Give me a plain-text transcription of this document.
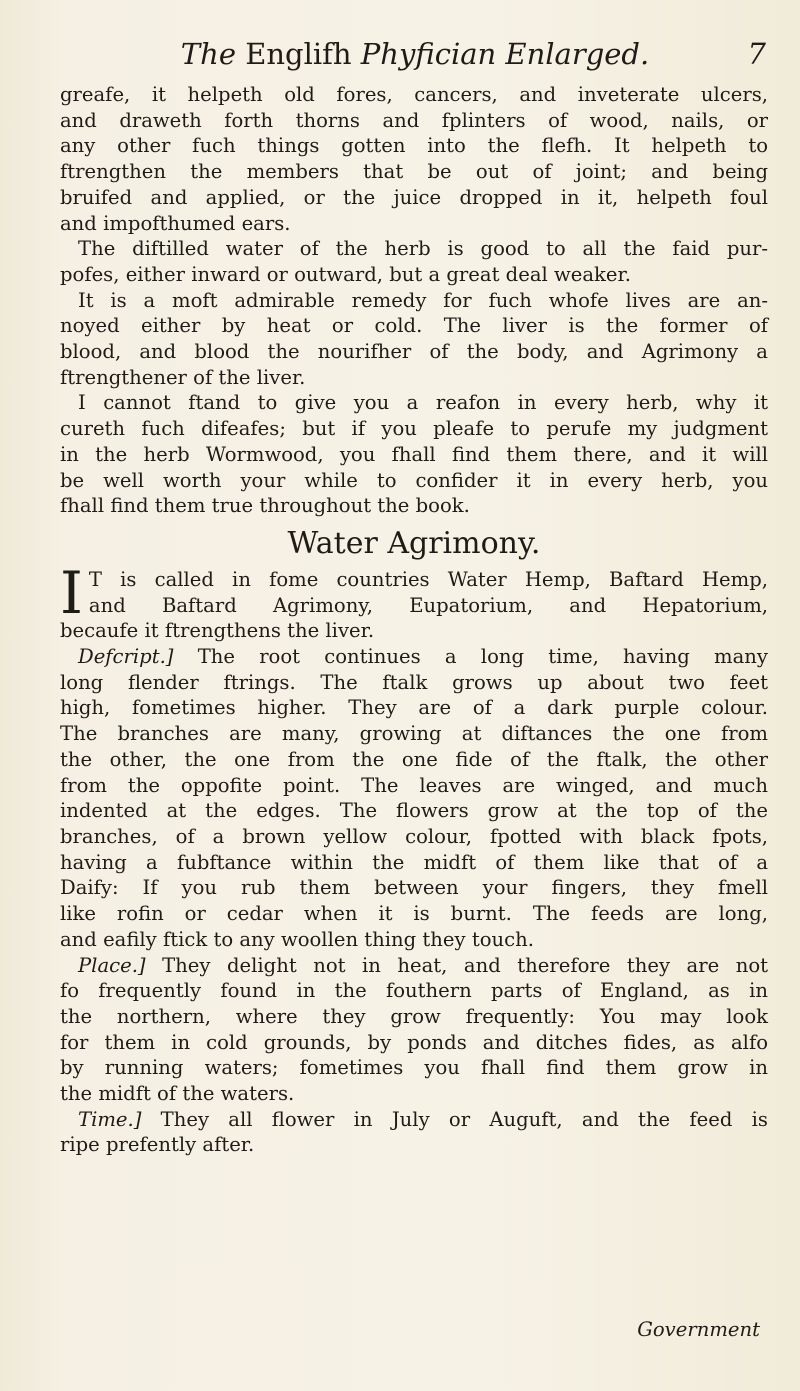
The Englifh Phyfician Enlarged.	7

greafe, it helpeth old fores, cancers, and inveterate ulcers,
and draweth forth thorns and fplinters of wood, nails, or
any other fuch things gotten into the flefh. It helpeth to
ftrengthen the members that be out of joint; and being
bruifed and applied, or the juice dropped in it, helpeth foul
and impofthumed ears.

The diftilled water of the herb is good to all the faid pur-
pofes, either inward or outward, but a great deal weaker.

It is a moft admirable remedy for fuch whofe lives are an-
noyed either by heat or cold. The liver is the former of
blood, and blood the nourifher of the body, and Agrimony a
ftrengthener of the liver.

I cannot ftand to give you a reafon in every herb, why it
cureth fuch difeafes; but if you pleafe to perufe my judgment
in the herb Wormwood, you fhall find them there, and it will
be well worth your while to confider it in every herb, you
fhall find them true throughout the book.

Water Agrimony.

I T is called in fome countries Water Hemp, Baftard Hemp,
and Baftard Agrimony, Eupatorium, and Hepatorium,
becaufe it ftrengthens the liver.

Defcript.] The root continues a long time, having many
long flender ftrings. The ftalk grows up about two feet
high, fometimes higher. They are of a dark purple colour.
The branches are many, growing at diftances the one from
the other, the one from the one fide of the ftalk, the other
from the oppofite point. The leaves are winged, and much
indented at the edges. The flowers grow at the top of the
branches, of a brown yellow colour, fpotted with black fpots,
having a fubftance within the midft of them like that of a
Daify: If you rub them between your fingers, they fmell
like rofin or cedar when it is burnt. The feeds are long,
and eafily ftick to any woollen thing they touch.

Place.] They delight not in heat, and therefore they are not
fo frequently found in the fouthern parts of England, as in
the northern, where they grow frequently: You may look
for them in cold grounds, by ponds and ditches fides, as alfo
by running waters; fometimes you fhall find them grow in
the midft of the waters.

Time.] They all flower in July or Auguft, and the feed is
ripe prefently after.

Government
